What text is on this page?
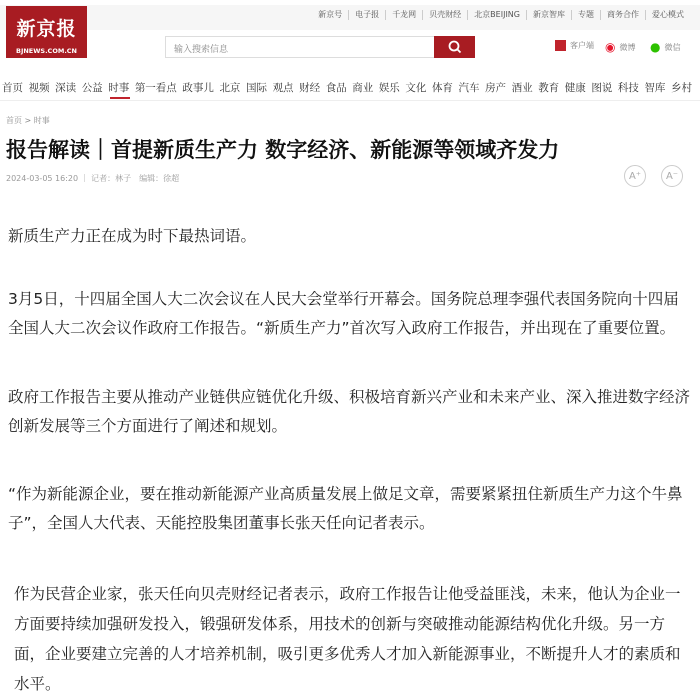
新京号	电子报	千龙网	贝壳财经	北京BEIJING	新京智库	专题	商务合作	爱心模式
新京报
BJNEWS.COM.CN	输入搜索信息	客户端 ◉ 微博 ● 微信
首页 视频 深读 公益 时事 第一看点 政事儿 北京 国际 观点 财经 食品 商业 娱乐 文化 体育 汽车 房产 酒业 教育 健康 图说 科技 智库 乡村
首页 > 时事
报告解读｜首提新质生产力 数字经济、新能源等领域齐发力
2024-03-05 16:20 ｜ 记者：林子　编辑：徐超	A⁺	A⁻
新质生产力正在成为时下最热词语。
3月5日，十四届全国人大二次会议在人民大会堂举行开幕会。国务院总理李强代表国务院向十四届全国人大二次会议作政府工作报告。“新质生产力”首次写入政府工作报告，并出现在了重要位置。
政府工作报告主要从推动产业链供应链优化升级、积极培育新兴产业和未来产业、深入推进数字经济创新发展等三个方面进行了阐述和规划。
“作为新能源企业，要在推动新能源产业高质量发展上做足文章，需要紧紧扭住新质生产力这个牛鼻子”，全国人大代表、天能控股集团董事长张天任向记者表示。
作为民营企业家，张天任向贝壳财经记者表示，政府工作报告让他受益匪浅，未来，他认为企业一方面要持续加强研发投入，锻强研发体系，用技术的创新与突破推动能源结构优化升级。另一方面，企业要建立完善的人才培养机制，吸引更多优秀人才加入新能源事业，不断提升人才的素质和水平。
